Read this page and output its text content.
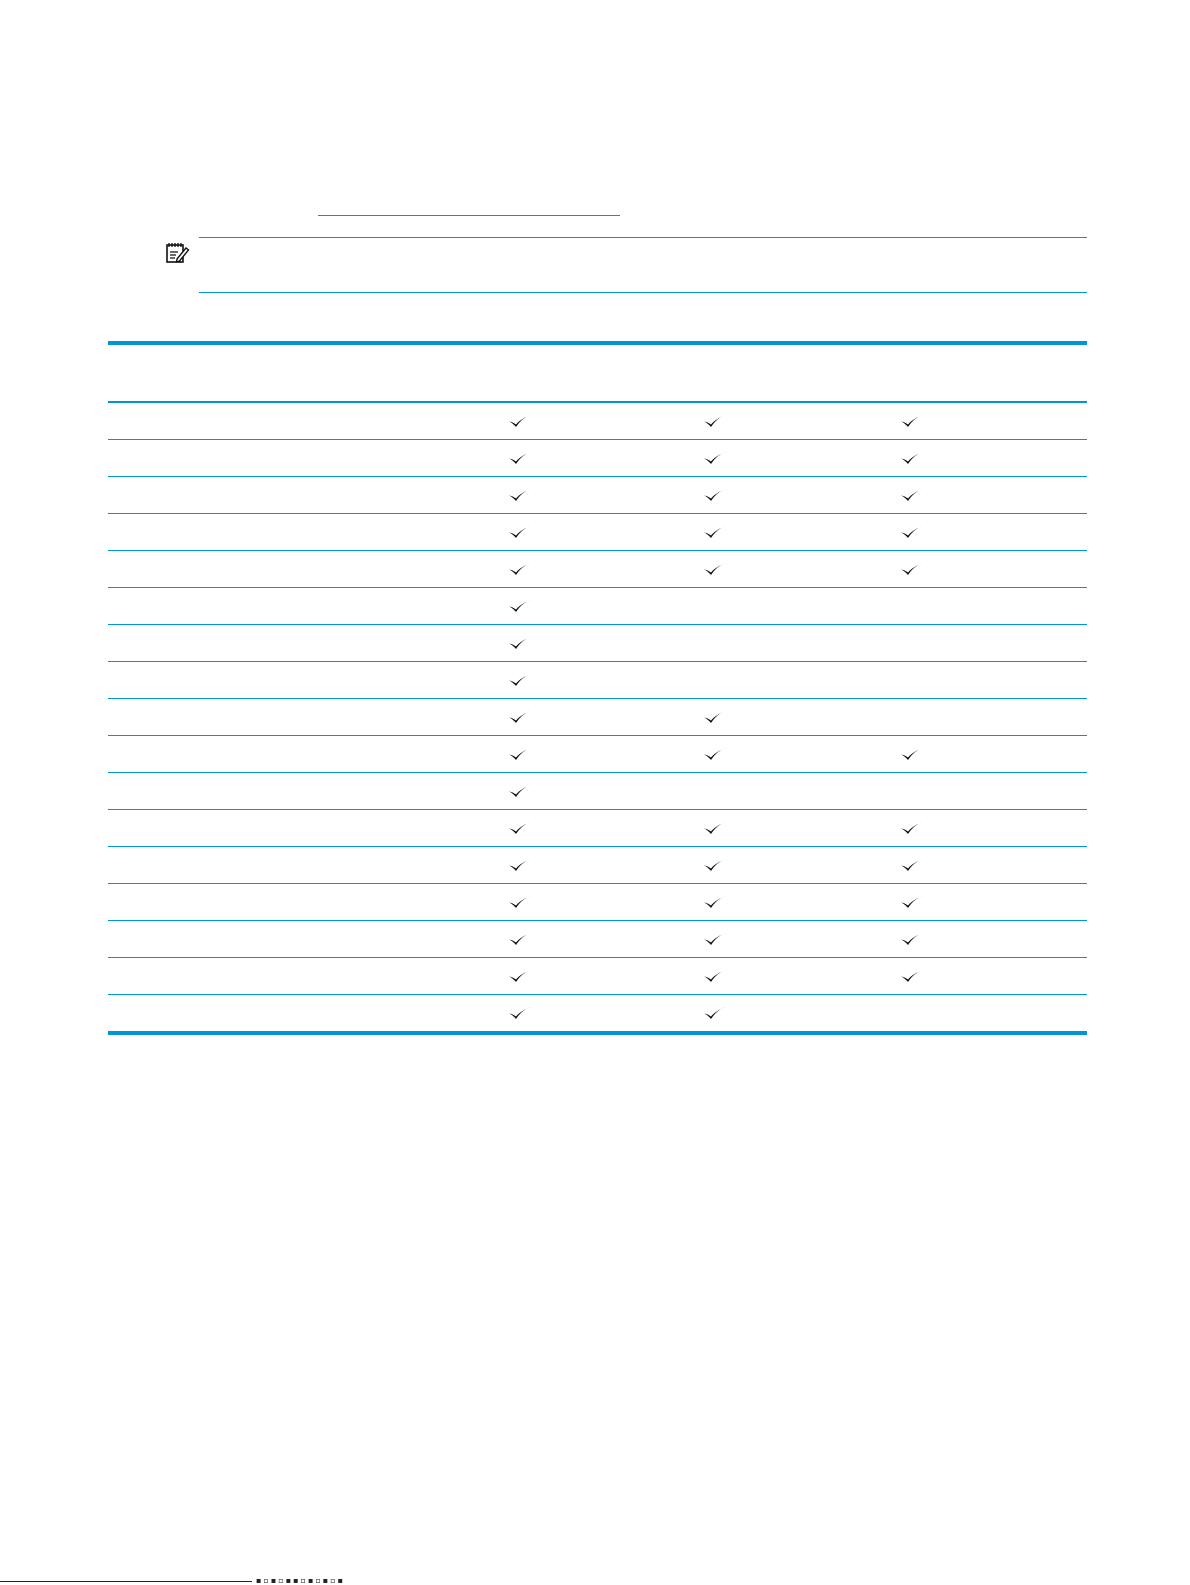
▪▫▪▫▪▪▫▪▫▪▫▪
